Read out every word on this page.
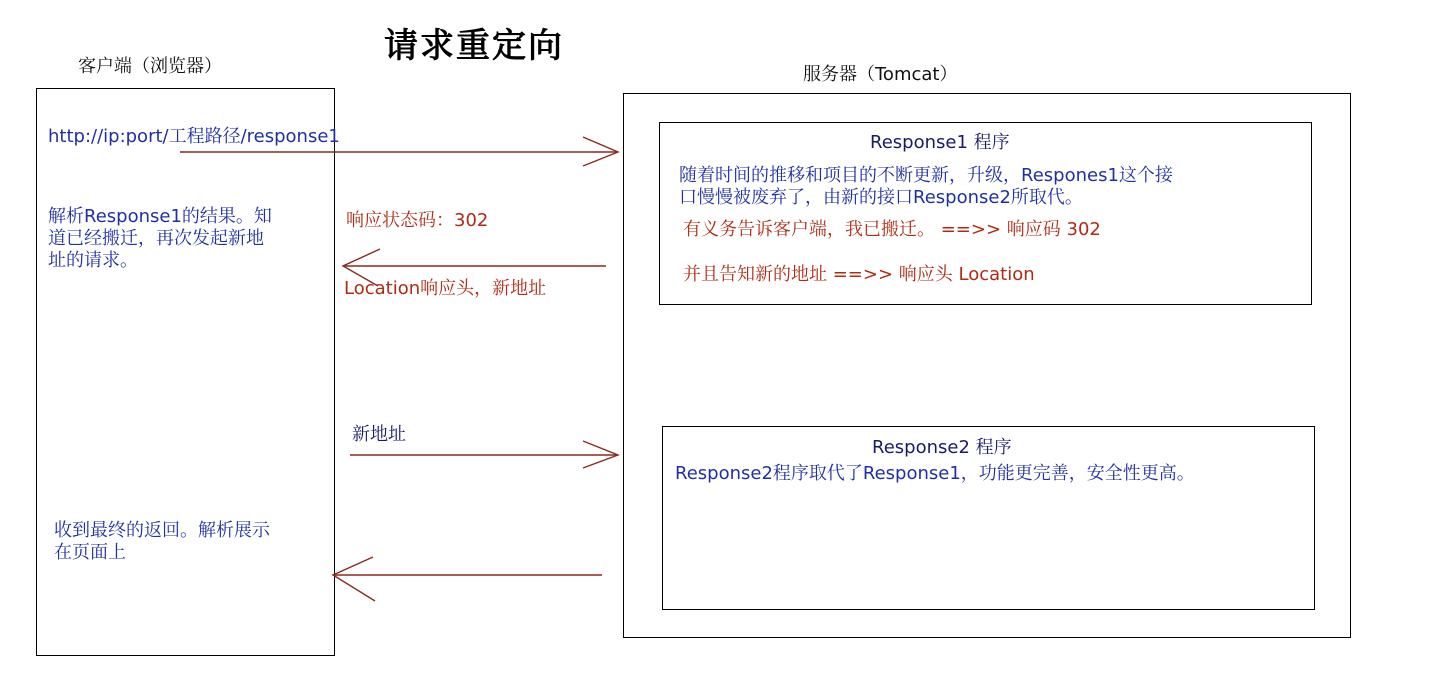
请求重定向
客户端（浏览器）	服务器（Tomcat）
http://ip:port/工程路径/response1
解析Response1的结果。知
道已经搬迁，再次发起新地
址的请求。
收到最终的返回。解析展示
在页面上
响应状态码：302
Location响应头，新地址
新地址
Response1 程序
随着时间的推移和项目的不断更新，升级，Respones1这个接
口慢慢被废弃了，由新的接口Response2所取代。
有义务告诉客户端，我已搬迁。 ==>> 响应码 302
并且告知新的地址 ==>> 响应头 Location
Response2 程序
Response2程序取代了Response1，功能更完善，安全性更高。
